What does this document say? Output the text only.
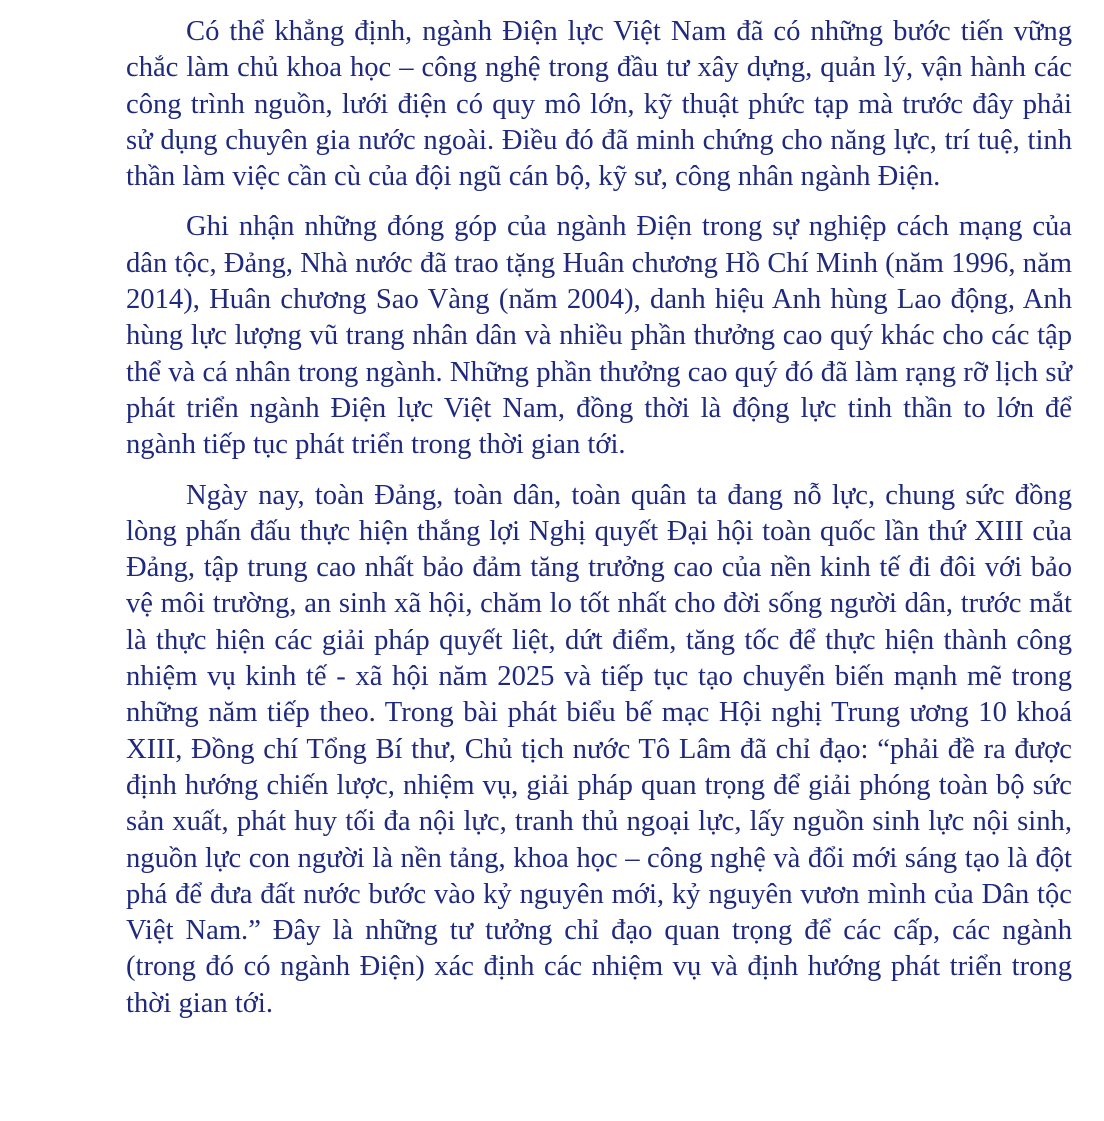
Có thể khẳng định, ngành Điện lực Việt Nam đã có những bước tiến vững chắc làm chủ khoa học – công nghệ trong đầu tư xây dựng, quản lý, vận hành các công trình nguồn, lưới điện có quy mô lớn, kỹ thuật phức tạp mà trước đây phải sử dụng chuyên gia nước ngoài. Điều đó đã minh chứng cho năng lực, trí tuệ, tinh thần làm việc cần cù của đội ngũ cán bộ, kỹ sư, công nhân ngành Điện.

Ghi nhận những đóng góp của ngành Điện trong sự nghiệp cách mạng của dân tộc, Đảng, Nhà nước đã trao tặng Huân chương Hồ Chí Minh (năm 1996, năm 2014), Huân chương Sao Vàng (năm 2004), danh hiệu Anh hùng Lao động, Anh hùng lực lượng vũ trang nhân dân và nhiều phần thưởng cao quý khác cho các tập thể và cá nhân trong ngành. Những phần thưởng cao quý đó đã làm rạng rỡ lịch sử phát triển ngành Điện lực Việt Nam, đồng thời là động lực tinh thần to lớn để ngành tiếp tục phát triển trong thời gian tới.

Ngày nay, toàn Đảng, toàn dân, toàn quân ta đang nỗ lực, chung sức đồng lòng phấn đấu thực hiện thắng lợi Nghị quyết Đại hội toàn quốc lần thứ XIII của Đảng, tập trung cao nhất bảo đảm tăng trưởng cao của nền kinh tế đi đôi với bảo vệ môi trường, an sinh xã hội, chăm lo tốt nhất cho đời sống người dân, trước mắt là thực hiện các giải pháp quyết liệt, dứt điểm, tăng tốc để thực hiện thành công nhiệm vụ kinh tế - xã hội năm 2025 và tiếp tục tạo chuyển biến mạnh mẽ trong những năm tiếp theo. Trong bài phát biểu bế mạc Hội nghị Trung ương 10 khoá XIII, Đồng chí Tổng Bí thư, Chủ tịch nước Tô Lâm đã chỉ đạo: “phải đề ra được định hướng chiến lược, nhiệm vụ, giải pháp quan trọng để giải phóng toàn bộ sức sản xuất, phát huy tối đa nội lực, tranh thủ ngoại lực, lấy nguồn sinh lực nội sinh, nguồn lực con người là nền tảng, khoa học – công nghệ và đổi mới sáng tạo là đột phá để đưa đất nước bước vào kỷ nguyên mới, kỷ nguyên vươn mình của Dân tộc Việt Nam.” Đây là những tư tưởng chỉ đạo quan trọng để các cấp, các ngành (trong đó có ngành Điện) xác định các nhiệm vụ và định hướng phát triển trong thời gian tới.
